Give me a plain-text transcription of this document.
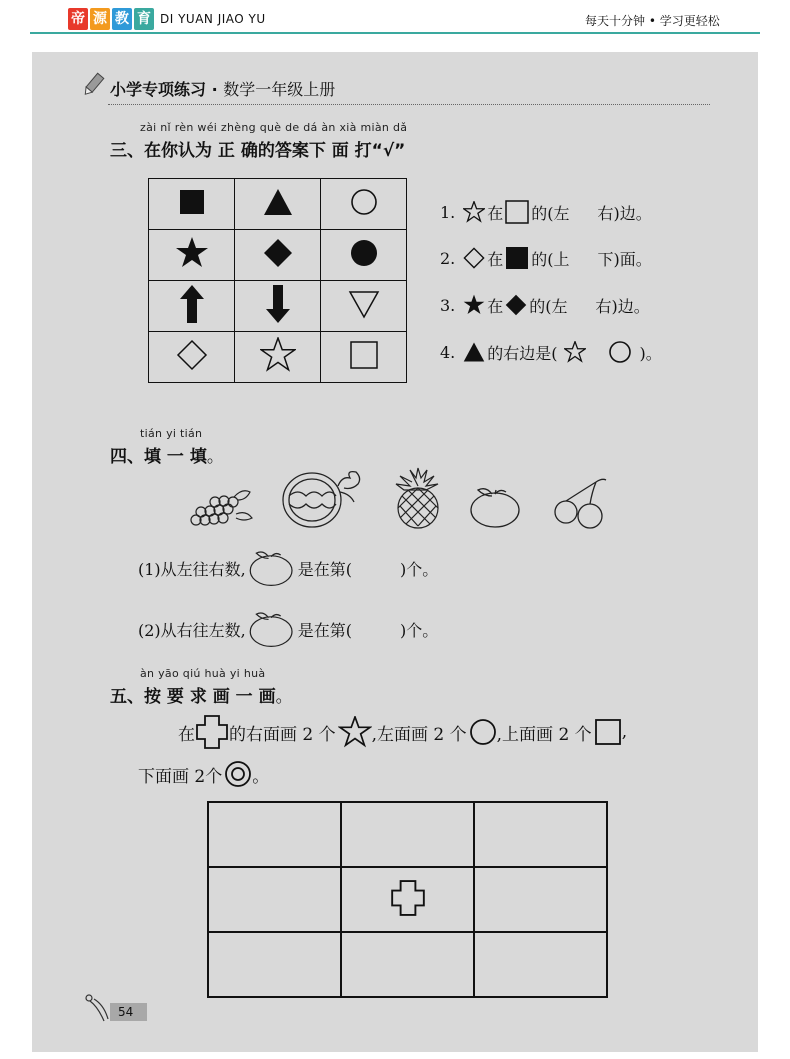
帝 源 教 育 DI YUAN JIAO YU	每天十分钟 • 学习更轻松
小学专项练习 · 数学一年级上册
zài nǐ rèn wéi zhèng què de dá àn xià miàn dǎ
三、在你认为 正 确的答案下 面 打“√”

1. 在 的(左 右)边。
2. 在 的(上 下)面。
3. 在 的(左 右)边。
4. 的右边是(	)。
tián yi tián
四、填 一 填。
(1)从左往右数,	是在第(	)个。
(2)从右往左数,	是在第(	)个。
àn yāo qiú huà yi huà
五、按 要 求 画 一 画。
在 的右面画 2 个 ,左面画 2 个 ,上面画 2 个 ,
下面画 2个 。

54
